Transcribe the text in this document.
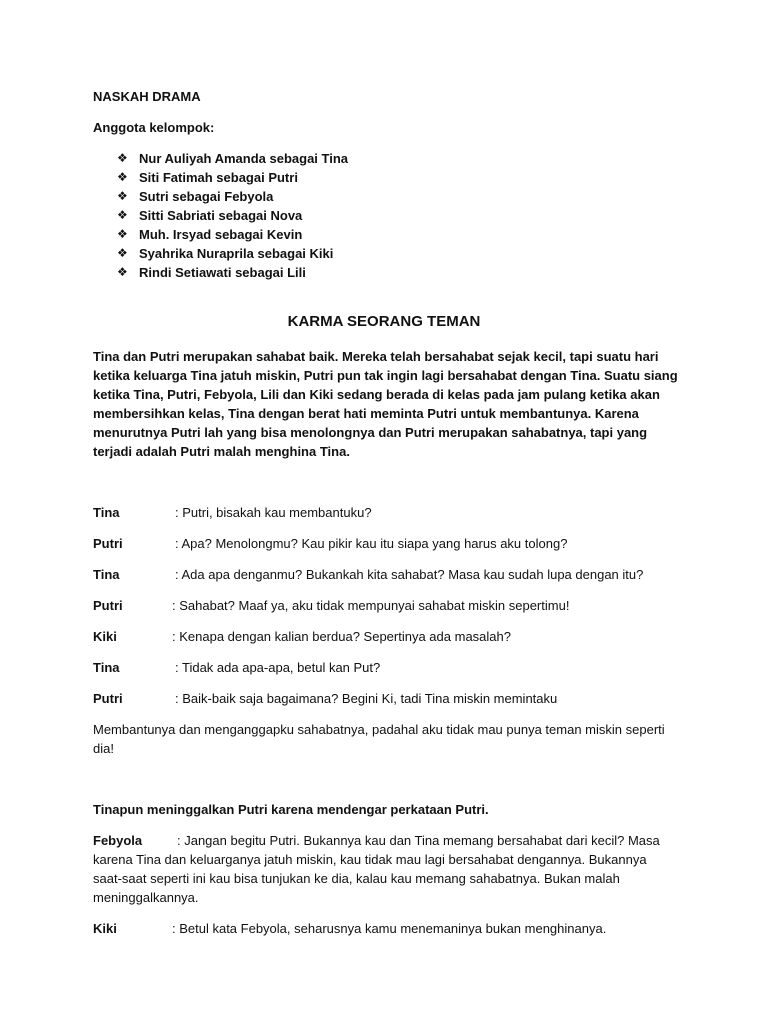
NASKAH DRAMA
Anggota kelompok:
❖ Nur Auliyah Amanda sebagai Tina
❖ Siti Fatimah sebagai Putri
❖ Sutri sebagai Febyola
❖ Sitti Sabriati sebagai Nova
❖ Muh. Irsyad sebagai Kevin
❖ Syahrika Nuraprila sebagai Kiki
❖ Rindi Setiawati sebagai Lili
KARMA SEORANG TEMAN
Tina dan Putri merupakan sahabat baik. Mereka telah bersahabat sejak kecil, tapi suatu hari ketika keluarga Tina jatuh miskin, Putri pun tak ingin lagi bersahabat dengan Tina. Suatu siang ketika Tina, Putri, Febyola, Lili dan Kiki sedang berada di kelas pada jam pulang ketika akan membersihkan kelas, Tina dengan berat hati meminta Putri untuk membantunya. Karena menurutnya Putri lah yang bisa menolongnya dan Putri merupakan sahabatnya, tapi yang terjadi adalah Putri malah menghina Tina.
Tina	: Putri, bisakah kau membantuku?
Putri	: Apa? Menolongmu? Kau pikir kau itu siapa yang harus aku tolong?
Tina	: Ada apa denganmu? Bukankah kita sahabat? Masa kau sudah lupa dengan itu?
Putri	: Sahabat? Maaf ya, aku tidak mempunyai sahabat miskin sepertimu!
Kiki	: Kenapa dengan kalian berdua? Sepertinya ada masalah?
Tina	: Tidak ada apa-apa, betul kan Put?
Putri	: Baik-baik saja bagaimana? Begini Ki, tadi Tina miskin memintaku
Membantunya dan menganggapku sahabatnya, padahal aku tidak mau punya teman miskin seperti dia!
Tinapun meninggalkan Putri karena mendengar perkataan Putri.
Febyola	: Jangan begitu Putri. Bukannya kau dan Tina memang bersahabat dari kecil? Masa karena Tina dan keluarganya jatuh miskin, kau tidak mau lagi bersahabat dengannya. Bukannya saat-saat seperti ini kau bisa tunjukan ke dia, kalau kau memang sahabatnya. Bukan malah meninggalkannya.
Kiki	: Betul kata Febyola, seharusnya kamu menemaninya bukan menghinanya.
